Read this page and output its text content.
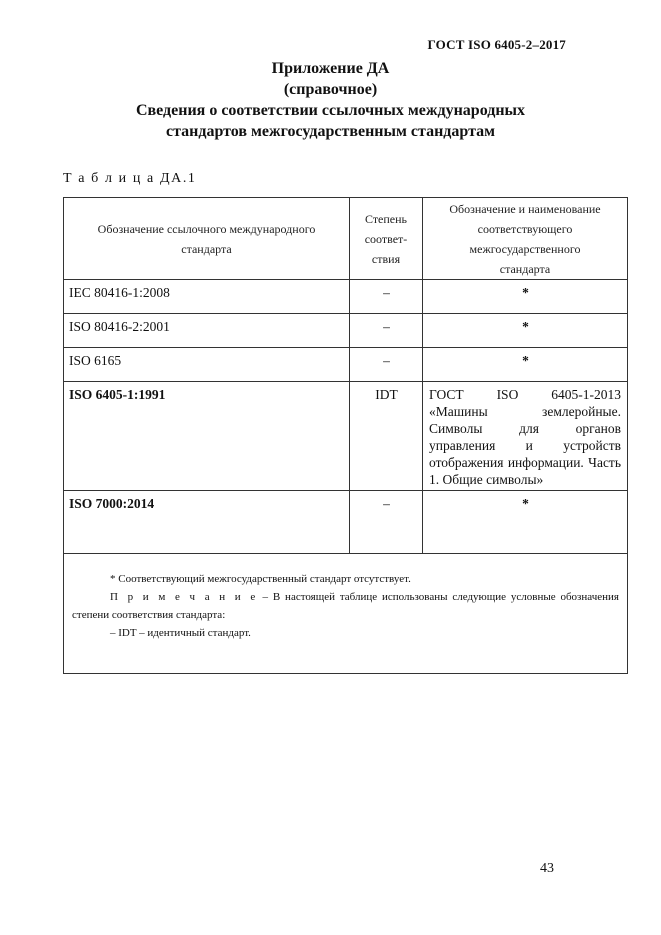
ГОСТ ISO 6405-2–2017
Приложение ДА
(справочное)
Сведения о соответствии ссылочных международных
стандартов межгосударственным стандартам
Т а б л и ц а ДА.1
Обозначение ссылочного международного стандарта	Степень соответ-ствия	Обозначение и наименование соответствующего межгосударственного стандарта
IEC 80416-1:2008	–	*
ISO 80416-2:2001	–	*
ISO 6165	–	*
ISO 6405-1:1991	IDT	ГОСТ ISO 6405-1-2013 «Машины землеройные. Символы для органов управления и устройств отображения информации. Часть 1. Общие символы»
ISO 7000:2014	–	*

* Соответствующий межгосударственный стандарт отсутствует.

П р и м е ч а н и е – В настоящей таблице использованы следующие условные обозначения степени соответствия стандарта:

– IDT – идентичный стандарт.		

43
